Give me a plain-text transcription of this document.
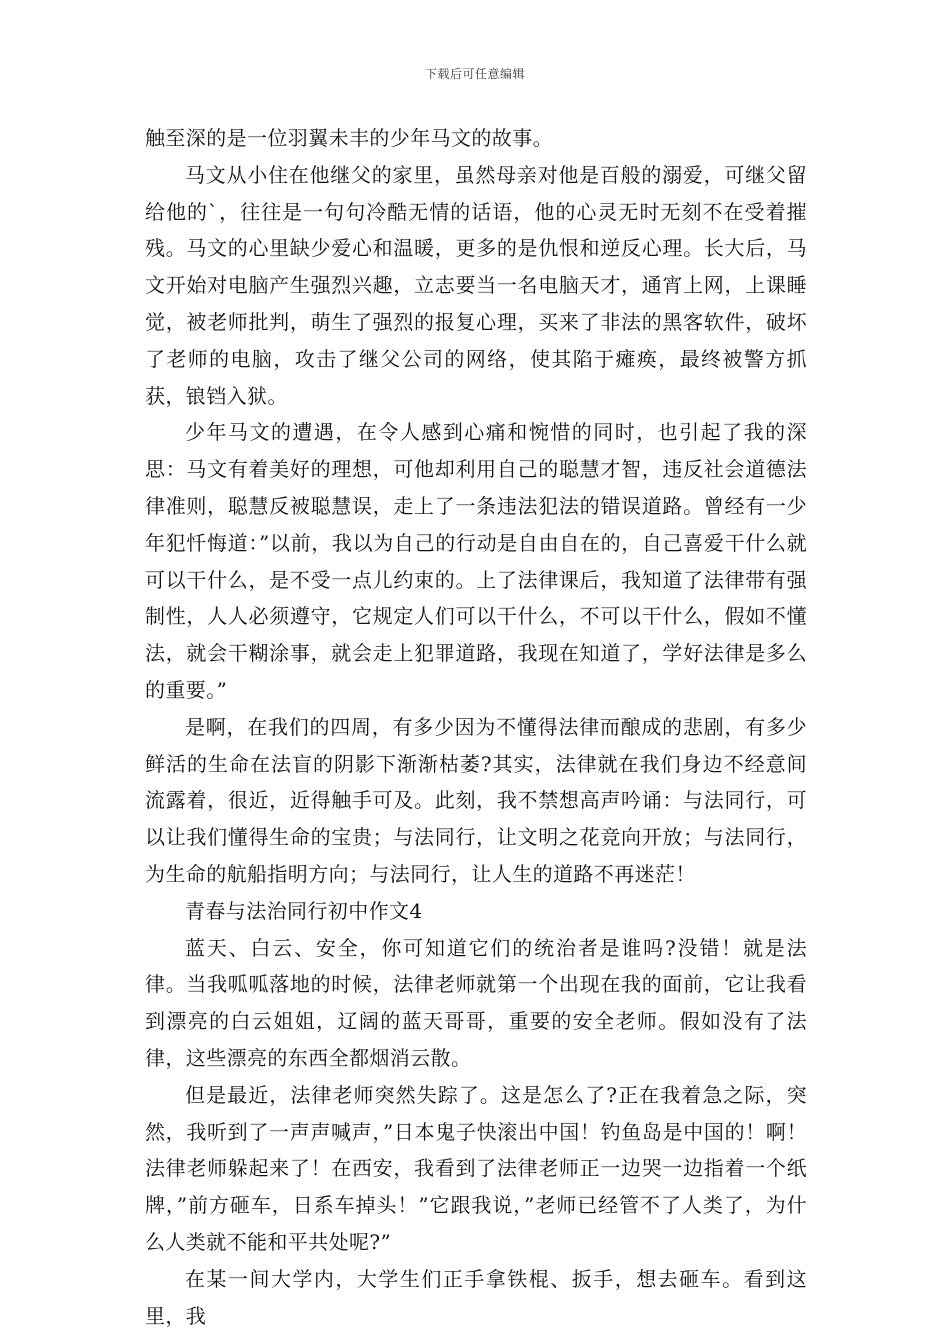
下载后可任意编辑

触至深的是一位羽翼未丰的少年马文的故事。

马文从小住在他继父的家里，虽然母亲对他是百般的溺爱，可继父留给他的`，往往是一句句冷酷无情的话语，他的心灵无时无刻不在受着摧残。马文的心里缺少爱心和温暖，更多的是仇恨和逆反心理。长大后，马文开始对电脑产生强烈兴趣，立志要当一名电脑天才，通宵上网，上课睡觉，被老师批判，萌生了强烈的报复心理，买来了非法的黑客软件，破坏了老师的电脑，攻击了继父公司的网络，使其陷于瘫痪，最终被警方抓获，锒铛入狱。

少年马文的遭遇，在令人感到心痛和惋惜的同时，也引起了我的深思：马文有着美好的理想，可他却利用自己的聪慧才智，违反社会道德法律准则，聪慧反被聪慧误，走上了一条违法犯法的错误道路。曾经有一少年犯忏悔道：”以前，我以为自己的行动是自由自在的，自己喜爱干什么就可以干什么，是不受一点儿约束的。上了法律课后，我知道了法律带有强制性，人人必须遵守，它规定人们可以干什么，不可以干什么，假如不懂法，就会干糊涂事，就会走上犯罪道路，我现在知道了，学好法律是多么的重要。”

是啊，在我们的四周，有多少因为不懂得法律而酿成的悲剧，有多少鲜活的生命在法盲的阴影下渐渐枯萎?其实，法律就在我们身边不经意间流露着，很近，近得触手可及。此刻，我不禁想高声吟诵：与法同行，可以让我们懂得生命的宝贵；与法同行，让文明之花竞向开放；与法同行，为生命的航船指明方向；与法同行，让人生的道路不再迷茫！

青春与法治同行初中作文4

蓝天、白云、安全，你可知道它们的统治者是谁吗?没错！就是法律。当我呱呱落地的时候，法律老师就第一个出现在我的面前，它让我看到漂亮的白云姐姐，辽阔的蓝天哥哥，重要的安全老师。假如没有了法律，这些漂亮的东西全都烟消云散。

但是最近，法律老师突然失踪了。这是怎么了?正在我着急之际，突然，我听到了一声声喊声，”日本鬼子快滚出中国！钓鱼岛是中国的！啊！法律老师躲起来了！在西安，我看到了法律老师正一边哭一边指着一个纸牌，”前方砸车，日系车掉头！”它跟我说，”老师已经管不了人类了，为什么人类就不能和平共处呢?”

在某一间大学内，大学生们正手拿铁棍、扳手，想去砸车。看到这里，我
